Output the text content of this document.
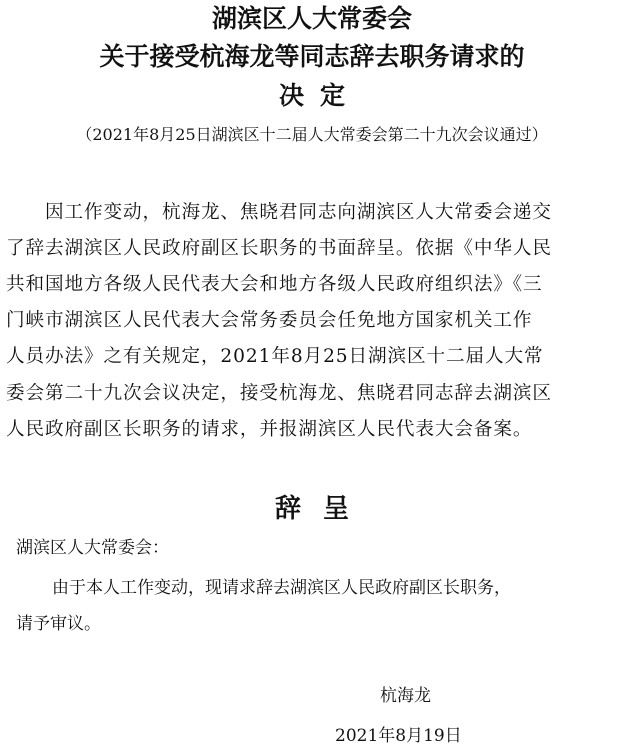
湖滨区人大常委会
关于接受杭海龙等同志辞去职务请求的
决定
（2021年8月25日湖滨区十二届人大常委会第二十九次会议通过）
　　因工作变动，杭海龙、焦晓君同志向湖滨区人大常委会递交
了辞去湖滨区人民政府副区长职务的书面辞呈。依据《中华人民
共和国地方各级人民代表大会和地方各级人民政府组织法》《三
门峡市湖滨区人民代表大会常务委员会任免地方国家机关工作
人员办法》之有关规定，2021年8月25日湖滨区十二届人大常
委会第二十九次会议决定，接受杭海龙、焦晓君同志辞去湖滨区
人民政府副区长职务的请求，并报湖滨区人民代表大会备案。
辞呈
湖滨区人大常委会：
由于本人工作变动，现请求辞去湖滨区人民政府副区长职务，
请予审议。
杭海龙
2021年8月19日
